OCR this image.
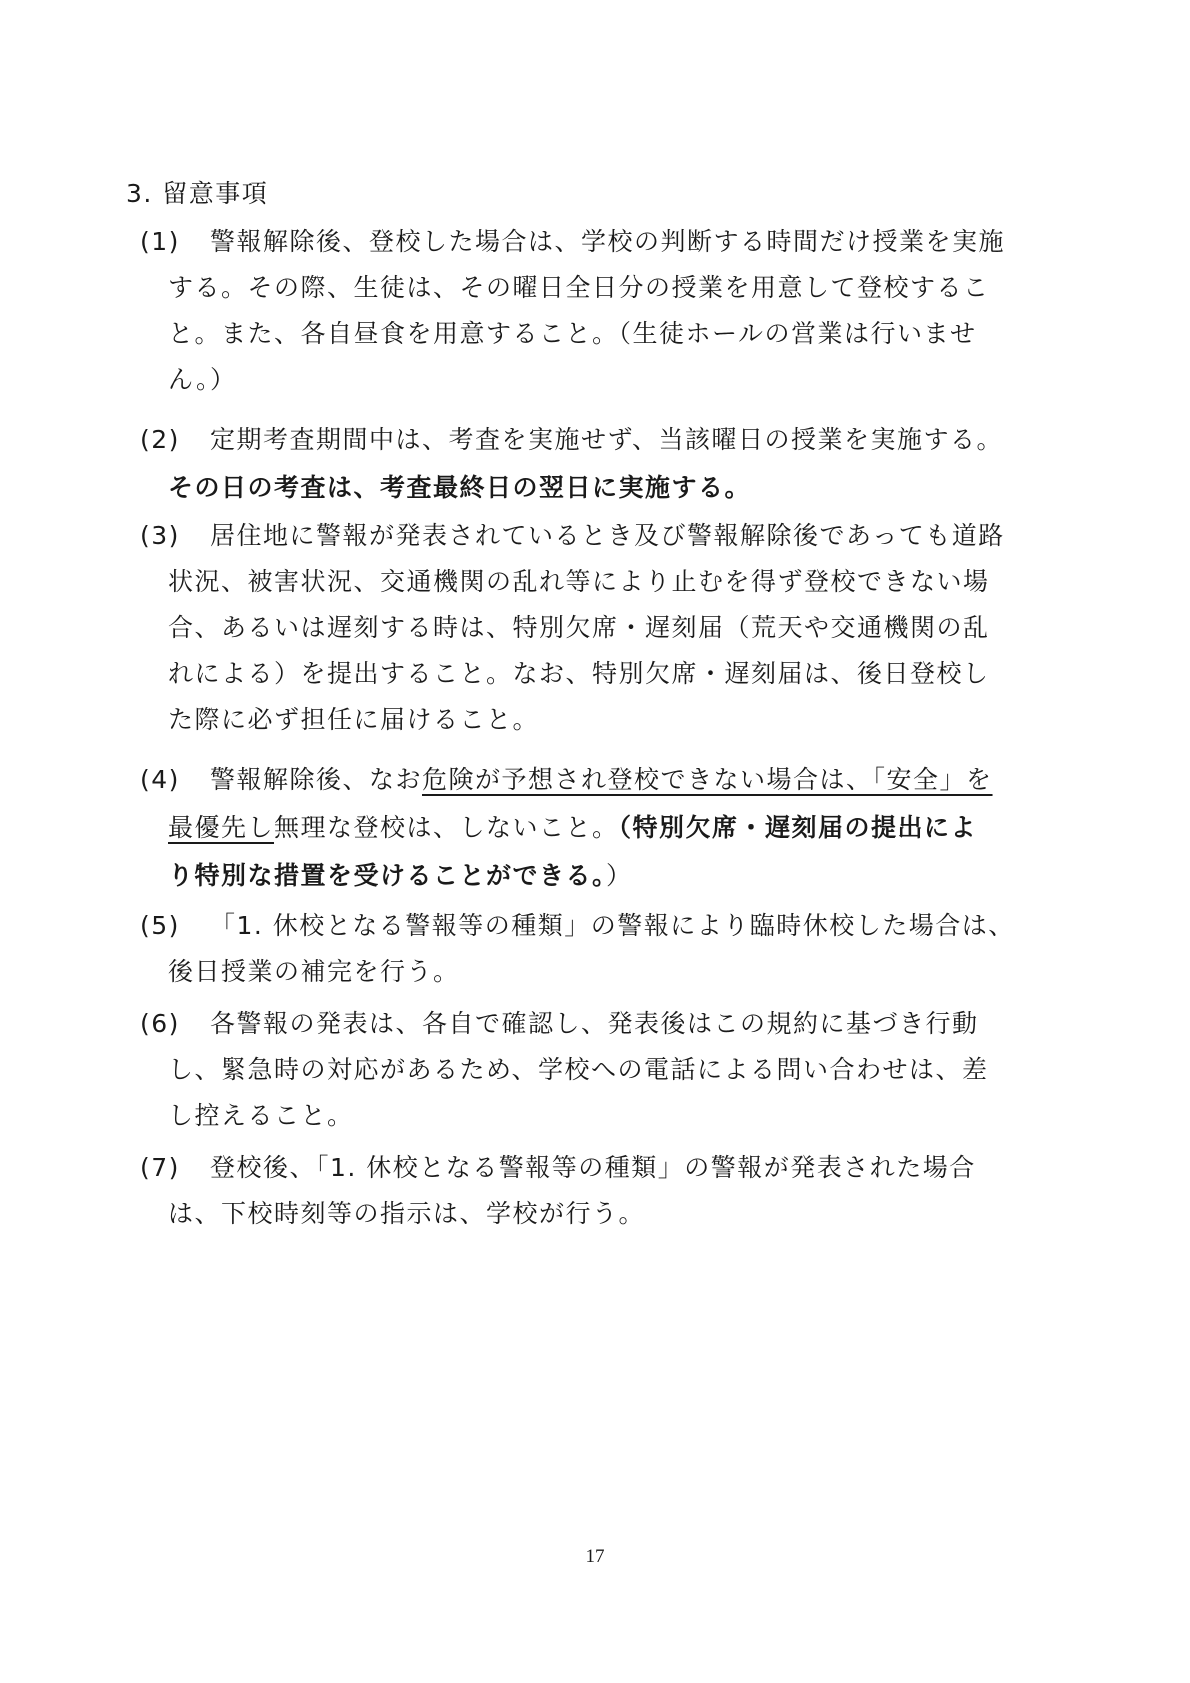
3. 留意事項
(1) 警報解除後、登校した場合は、学校の判断する時間だけ授業を実施
する。その際、生徒は、その曜日全日分の授業を用意して登校するこ
と。また、各自昼食を用意すること。（生徒ホールの営業は行いませ
ん。）
(2) 定期考査期間中は、考査を実施せず、当該曜日の授業を実施する。
その日の考査は、考査最終日の翌日に実施する。
(3) 居住地に警報が発表されているとき及び警報解除後であっても道路
状況、被害状況、交通機関の乱れ等により止むを得ず登校できない場
合、あるいは遅刻する時は、特別欠席・遅刻届（荒天や交通機関の乱
れによる）を提出すること。なお、特別欠席・遅刻届は、後日登校し
た際に必ず担任に届けること。
(4) 警報解除後、なお危険が予想され登校できない場合は、「安全」を
最優先し無理な登校は、しないこと。（特別欠席・遅刻届の提出によ
り特別な措置を受けることができる。）
(5) 「1. 休校となる警報等の種類」の警報により臨時休校した場合は、
後日授業の補完を行う。
(6) 各警報の発表は、各自で確認し、発表後はこの規約に基づき行動
し、緊急時の対応があるため、学校への電話による問い合わせは、差
し控えること。
(7) 登校後、「1. 休校となる警報等の種類」の警報が発表された場合
は、下校時刻等の指示は、学校が行う。
17
